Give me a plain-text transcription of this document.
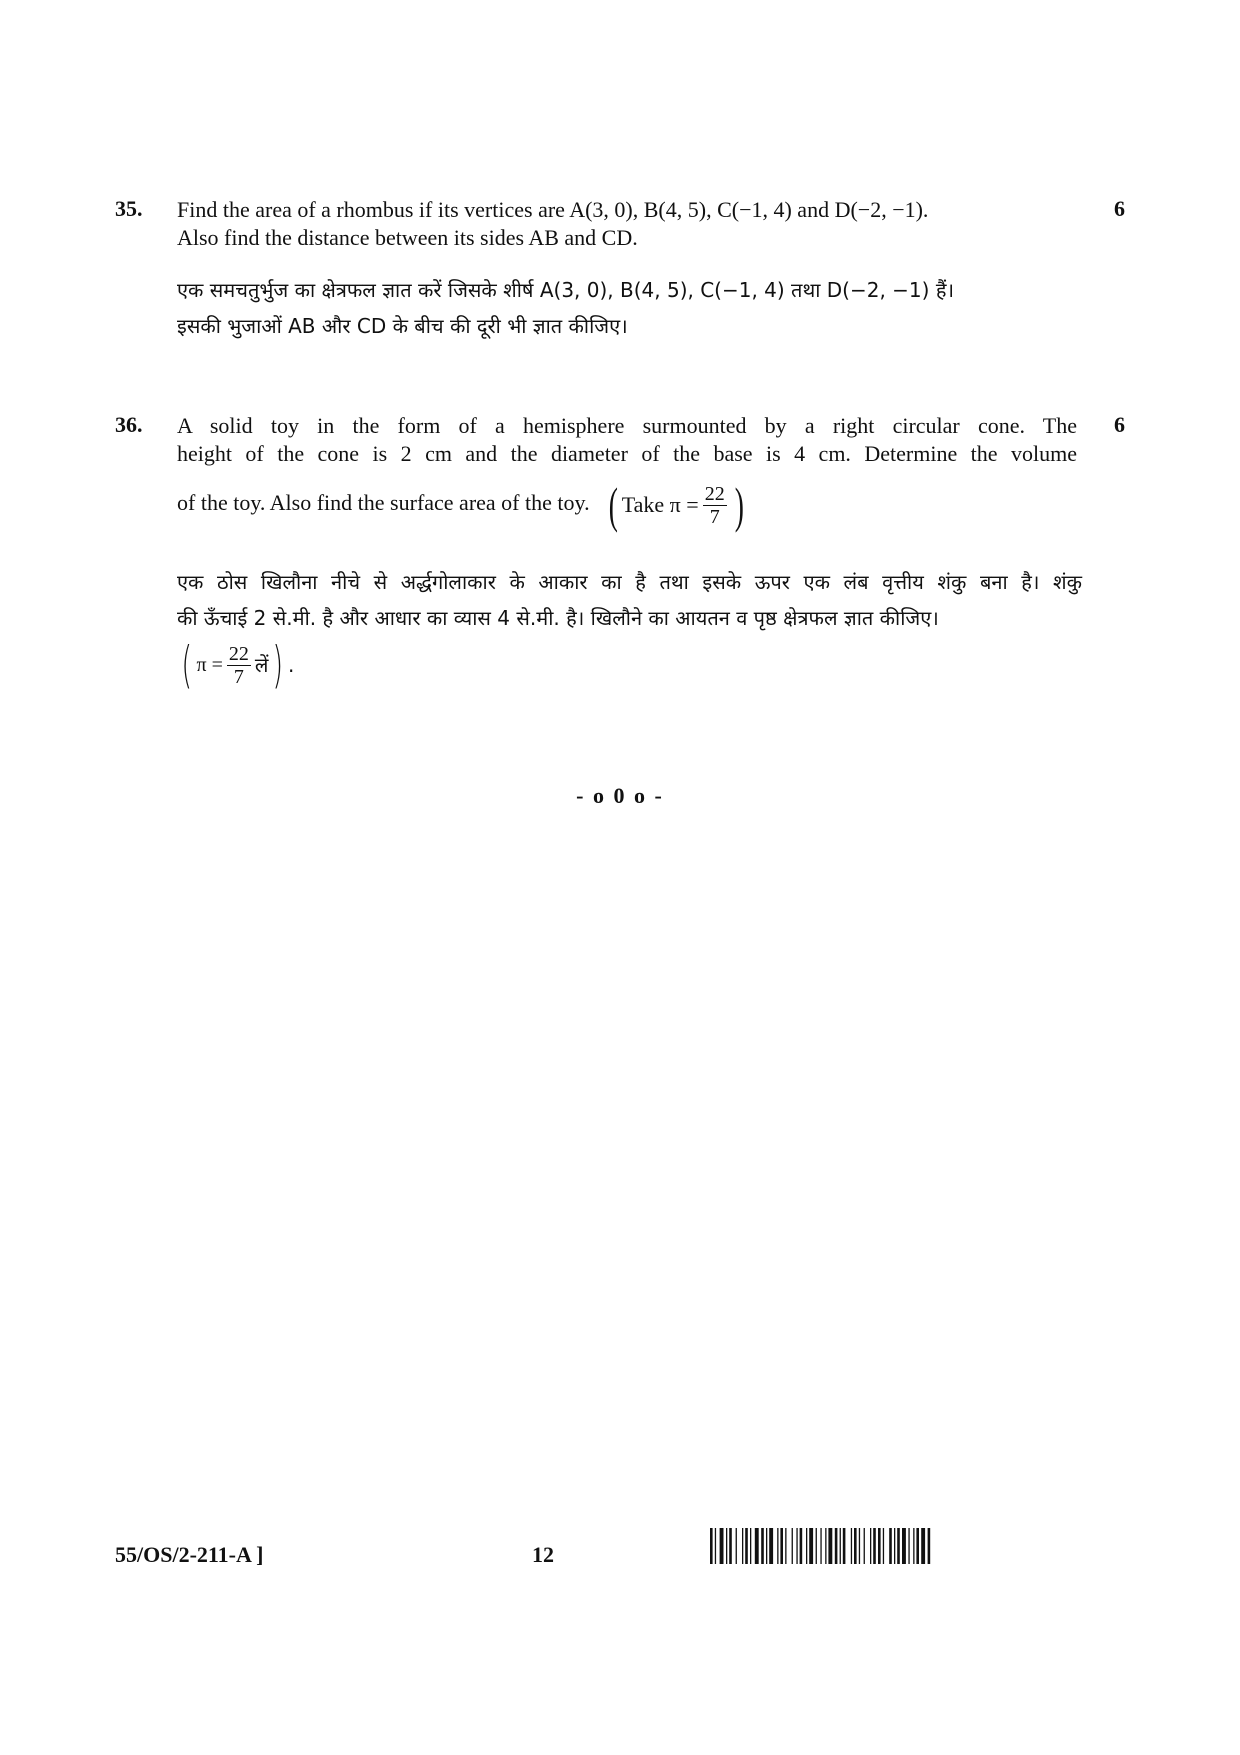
35.	6
Find the area of a rhombus if its vertices are A(3, 0), B(4, 5), C(−1, 4) and D(−2, −1).
Also find the distance between its sides AB and CD.
एक समचतुर्भुज का क्षेत्रफल ज्ञात करें जिसके शीर्ष A(3, 0), B(4, 5), C(−1, 4) तथा D(−2, −1) हैं।
इसकी भुजाओं AB और CD के बीच की दूरी भी ज्ञात कीजिए।
36.	6
A solid toy in the form of a hemisphere surmounted by a right circular cone. The
height of the cone is 2 cm and the diameter of the base is 4 cm. Determine the volume
of the toy. Also find the surface area of the toy. ( Take $\pi = \frac{22}{7}$ )
एक ठोस खिलौना नीचे से अर्द्धगोलाकार के आकार का है तथा इसके ऊपर एक लंब वृत्तीय शंकु बना है। शंकु
की ऊँचाई 2 से.मी. है और आधार का व्यास 4 से.मी. है। खिलौने का आयतन व पृष्ठ क्षेत्रफल ज्ञात कीजिए।
( $\pi = \frac{22}{7}$ लें ) .
- o 0 o -
55/OS/2-211-A ]	12
